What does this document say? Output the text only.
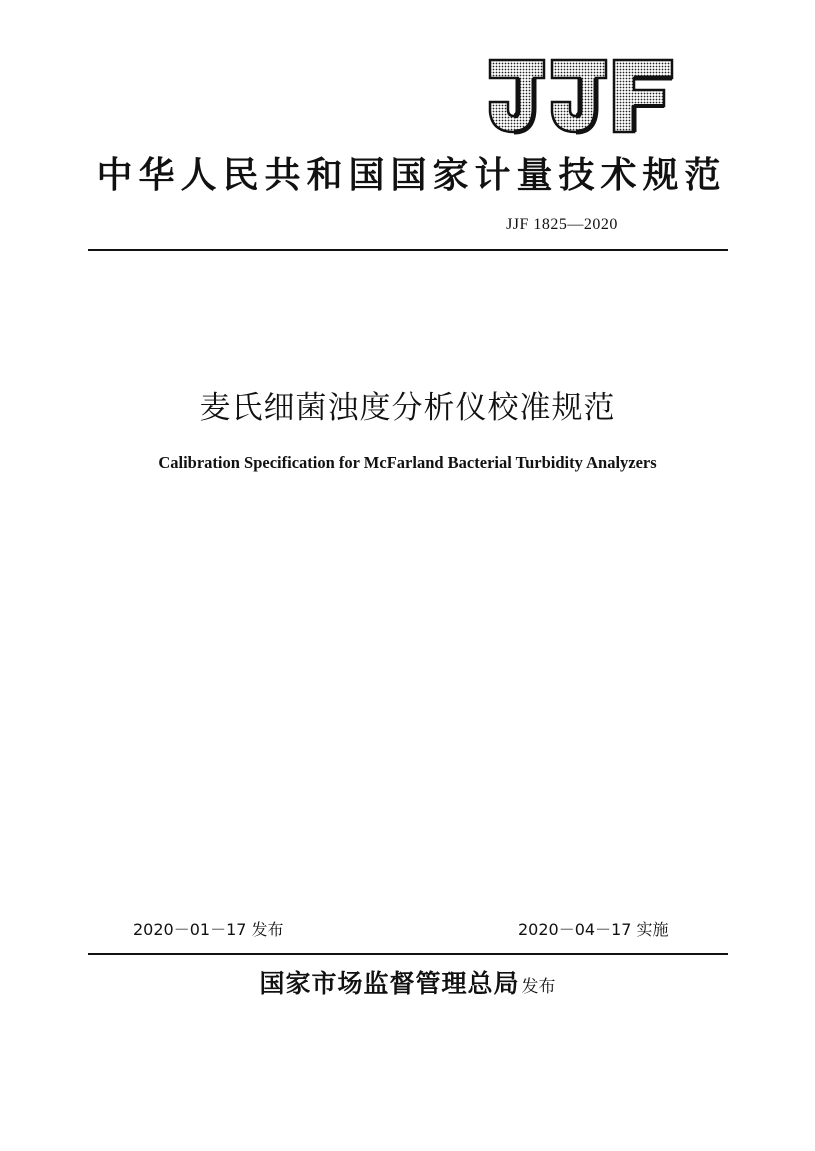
中华人民共和国国家计量技术规范
JJF 1825—2020
麦氏细菌浊度分析仪校准规范
Calibration Specification for McFarland Bacterial Turbidity Analyzers
2020－01－17 发布	2020－04－17 实施
国家市场监督管理总局 发布
